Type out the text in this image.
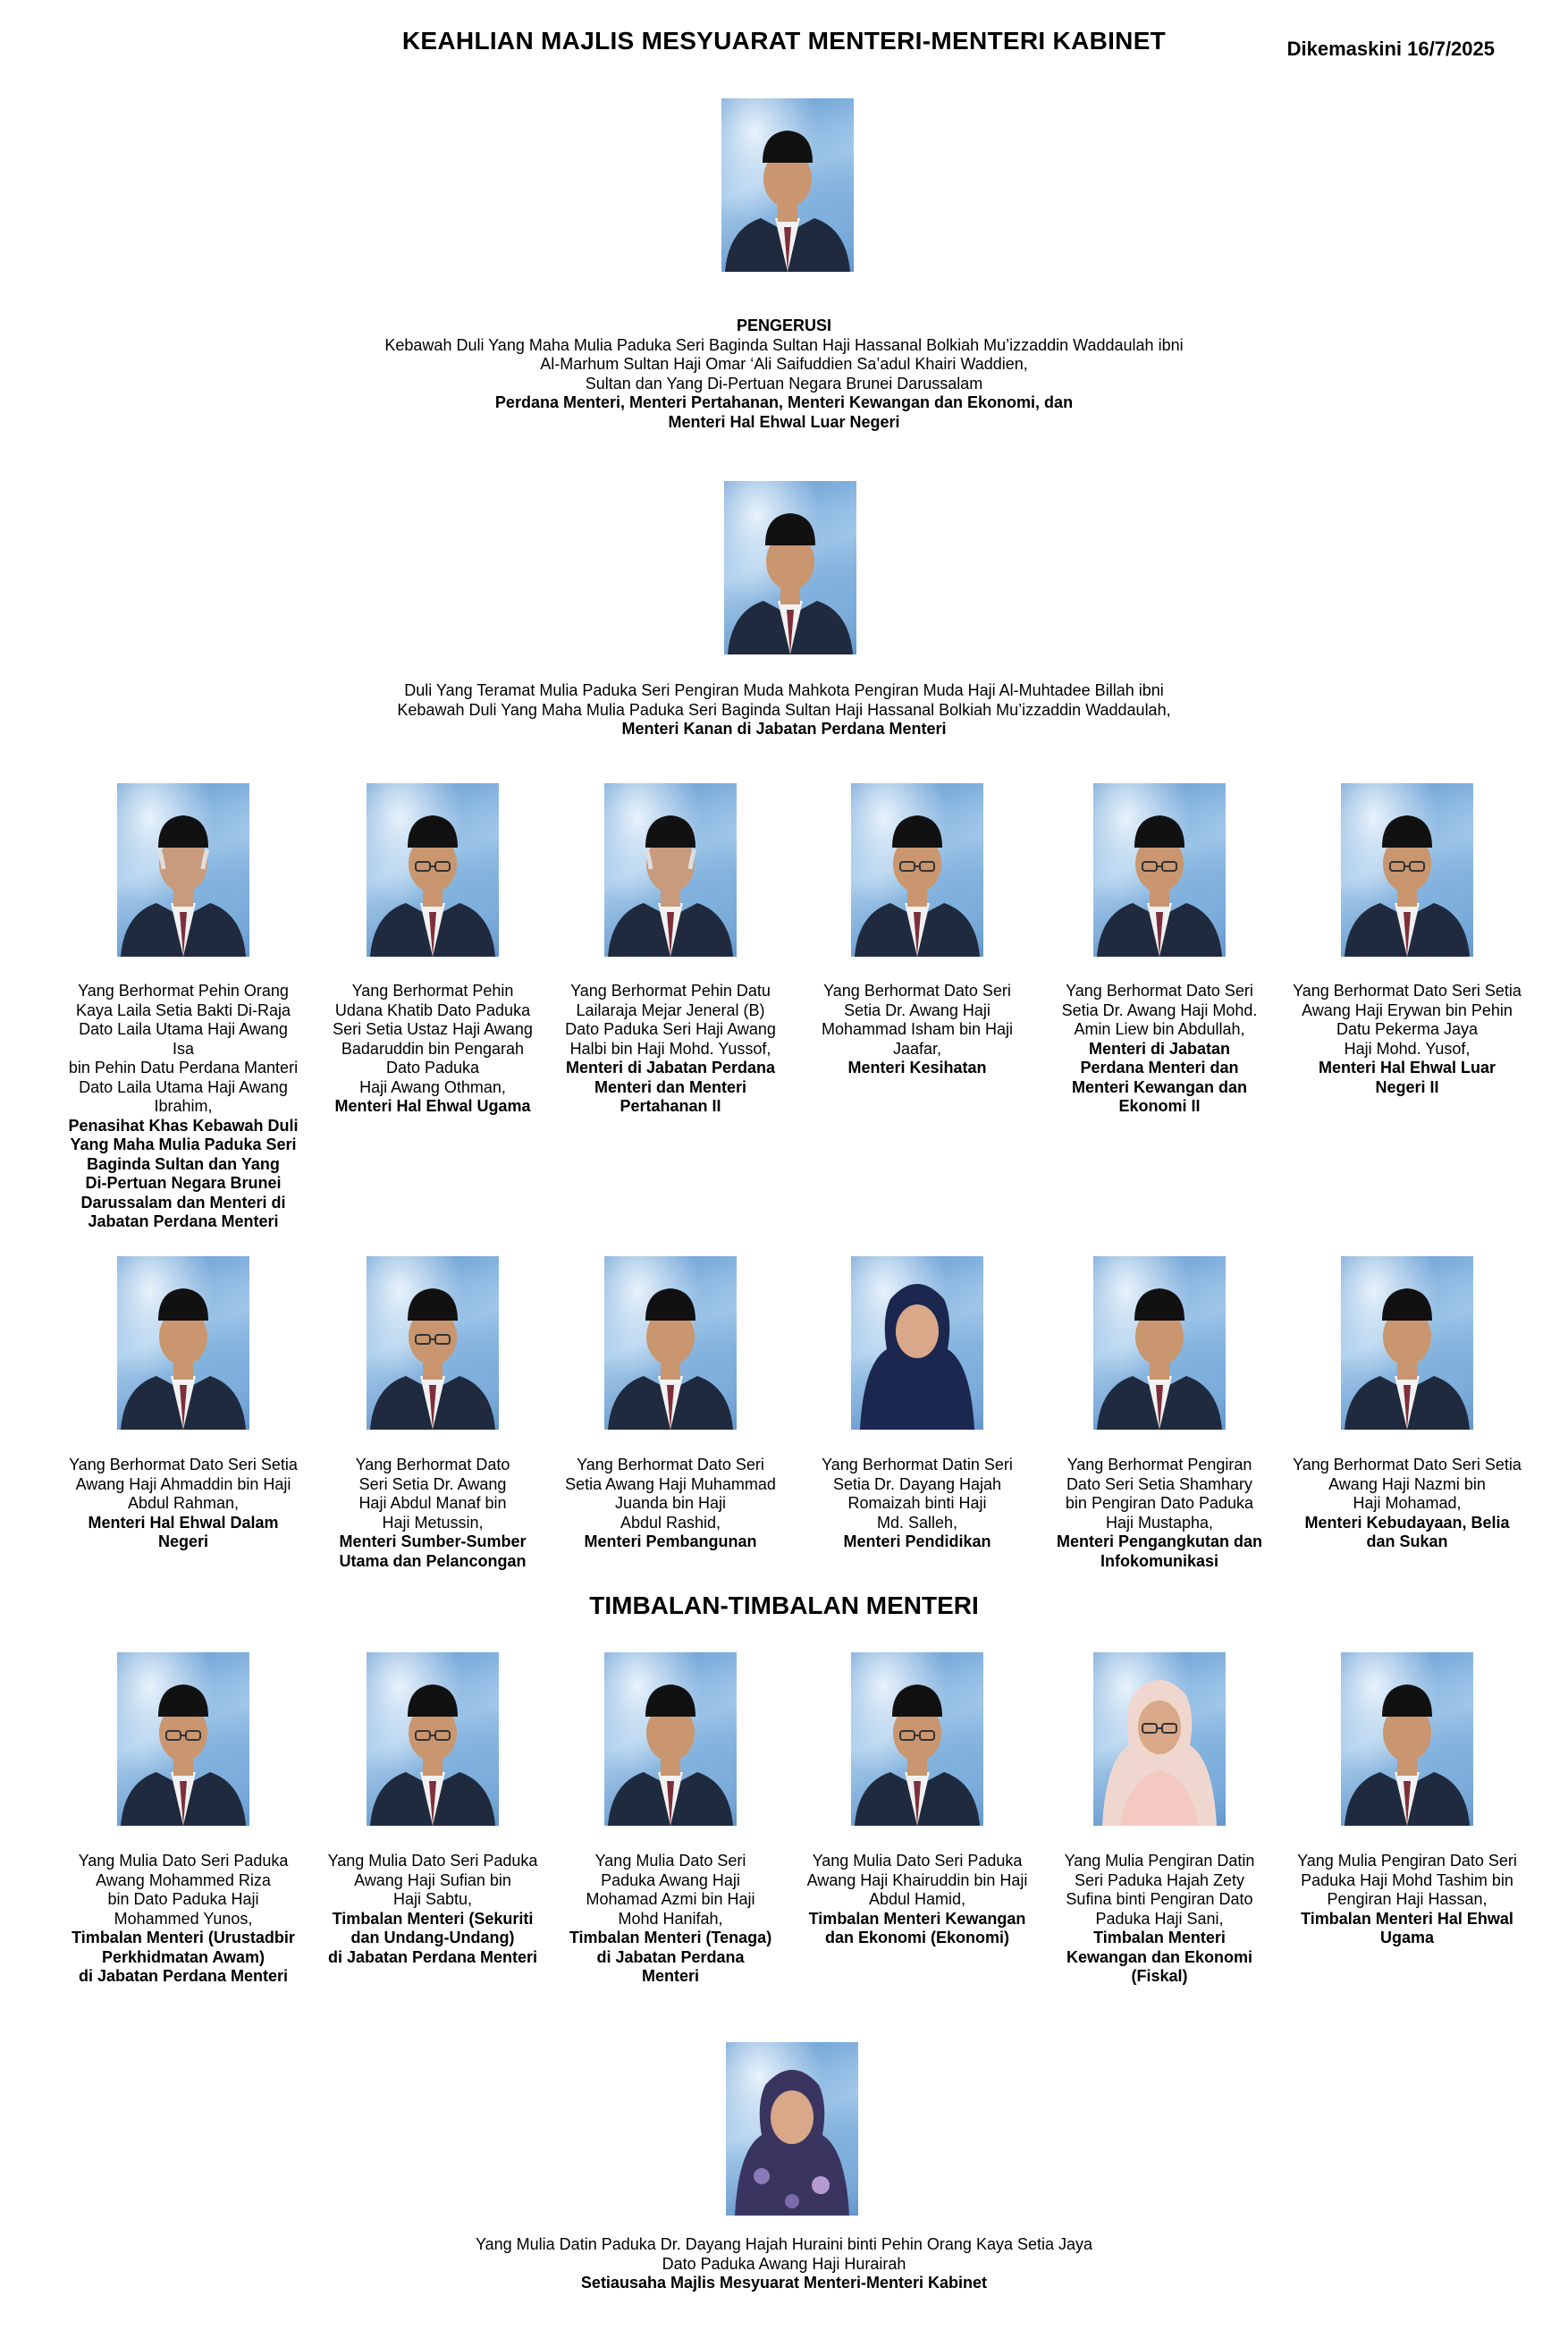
KEAHLIAN MAJLIS MESYUARAT MENTERI-MENTERI KABINET	Dikemaskini 16/7/2025
PENGERUSI
Kebawah Duli Yang Maha Mulia Paduka Seri Baginda Sultan Haji Hassanal Bolkiah Mu’izzaddin Waddaulah ibni
Al-Marhum Sultan Haji Omar ‘Ali Saifuddien Sa’adul Khairi Waddien,
Sultan dan Yang Di-Pertuan Negara Brunei Darussalam
Perdana Menteri, Menteri Pertahanan, Menteri Kewangan dan Ekonomi, dan
Menteri Hal Ehwal Luar Negeri
Duli Yang Teramat Mulia Paduka Seri Pengiran Muda Mahkota Pengiran Muda Haji Al-Muhtadee Billah ibni
Kebawah Duli Yang Maha Mulia Paduka Seri Baginda Sultan Haji Hassanal Bolkiah Mu’izzaddin Waddaulah,
Menteri Kanan di Jabatan Perdana Menteri
Yang Berhormat Pehin Orang
Kaya Laila Setia Bakti Di-Raja
Dato Laila Utama Haji Awang Isa
bin Pehin Datu Perdana Manteri
Dato Laila Utama Haji Awang
Ibrahim,
Penasihat Khas Kebawah Duli
Yang Maha Mulia Paduka Seri
Baginda Sultan dan Yang
Di-Pertuan Negara Brunei
Darussalam dan Menteri di
Jabatan Perdana Menteri
Yang Berhormat Pehin
Udana Khatib Dato Paduka
Seri Setia Ustaz Haji Awang
Badaruddin bin Pengarah
Dato Paduka
Haji Awang Othman,
Menteri Hal Ehwal Ugama
Yang Berhormat Pehin Datu
Lailaraja Mejar Jeneral (B)
Dato Paduka Seri Haji Awang
Halbi bin Haji Mohd. Yussof,
Menteri di Jabatan Perdana
Menteri dan Menteri
Pertahanan II
Yang Berhormat Dato Seri
Setia Dr. Awang Haji
Mohammad Isham bin Haji
Jaafar,
Menteri Kesihatan
Yang Berhormat Dato Seri
Setia Dr. Awang Haji Mohd.
Amin Liew bin Abdullah,
Menteri di Jabatan
Perdana Menteri dan
Menteri Kewangan dan
Ekonomi II
Yang Berhormat Dato Seri Setia
Awang Haji Erywan bin Pehin
Datu Pekerma Jaya
Haji Mohd. Yusof,
Menteri Hal Ehwal Luar
Negeri II
Yang Berhormat Dato Seri Setia
Awang Haji Ahmaddin bin Haji
Abdul Rahman,
Menteri Hal Ehwal Dalam
Negeri
Yang Berhormat Dato
Seri Setia Dr. Awang
Haji Abdul Manaf bin
Haji Metussin,
Menteri Sumber-Sumber
Utama dan Pelancongan
Yang Berhormat Dato Seri
Setia Awang Haji Muhammad
Juanda bin Haji
Abdul Rashid,
Menteri Pembangunan
Yang Berhormat Datin Seri
Setia Dr. Dayang Hajah
Romaizah binti Haji
Md. Salleh,
Menteri Pendidikan
Yang Berhormat Pengiran
Dato Seri Setia Shamhary
bin Pengiran Dato Paduka
Haji Mustapha,
Menteri Pengangkutan dan
Infokomunikasi
Yang Berhormat Dato Seri Setia
Awang Haji Nazmi bin
Haji Mohamad,
Menteri Kebudayaan, Belia
dan Sukan
TIMBALAN-TIMBALAN MENTERI
Yang Mulia Dato Seri Paduka
Awang Mohammed Riza
bin Dato Paduka Haji
Mohammed Yunos,
Timbalan Menteri (Urustadbir
Perkhidmatan Awam)
di Jabatan Perdana Menteri
Yang Mulia Dato Seri Paduka
Awang Haji Sufian bin
Haji Sabtu,
Timbalan Menteri (Sekuriti
dan Undang-Undang)
di Jabatan Perdana Menteri
Yang Mulia Dato Seri
Paduka Awang Haji
Mohamad Azmi bin Haji
Mohd Hanifah,
Timbalan Menteri (Tenaga)
di Jabatan Perdana
Menteri
Yang Mulia Dato Seri Paduka
Awang Haji Khairuddin bin Haji
Abdul Hamid,
Timbalan Menteri Kewangan
dan Ekonomi (Ekonomi)
Yang Mulia Pengiran Datin
Seri Paduka Hajah Zety
Sufina binti Pengiran Dato
Paduka Haji Sani,
Timbalan Menteri
Kewangan dan Ekonomi
(Fiskal)
Yang Mulia Pengiran Dato Seri
Paduka Haji Mohd Tashim bin
Pengiran Haji Hassan,
Timbalan Menteri Hal Ehwal
Ugama
Yang Mulia Datin Paduka Dr. Dayang Hajah Huraini binti Pehin Orang Kaya Setia Jaya
Dato Paduka Awang Haji Hurairah
Setiausaha Majlis Mesyuarat Menteri-Menteri Kabinet
